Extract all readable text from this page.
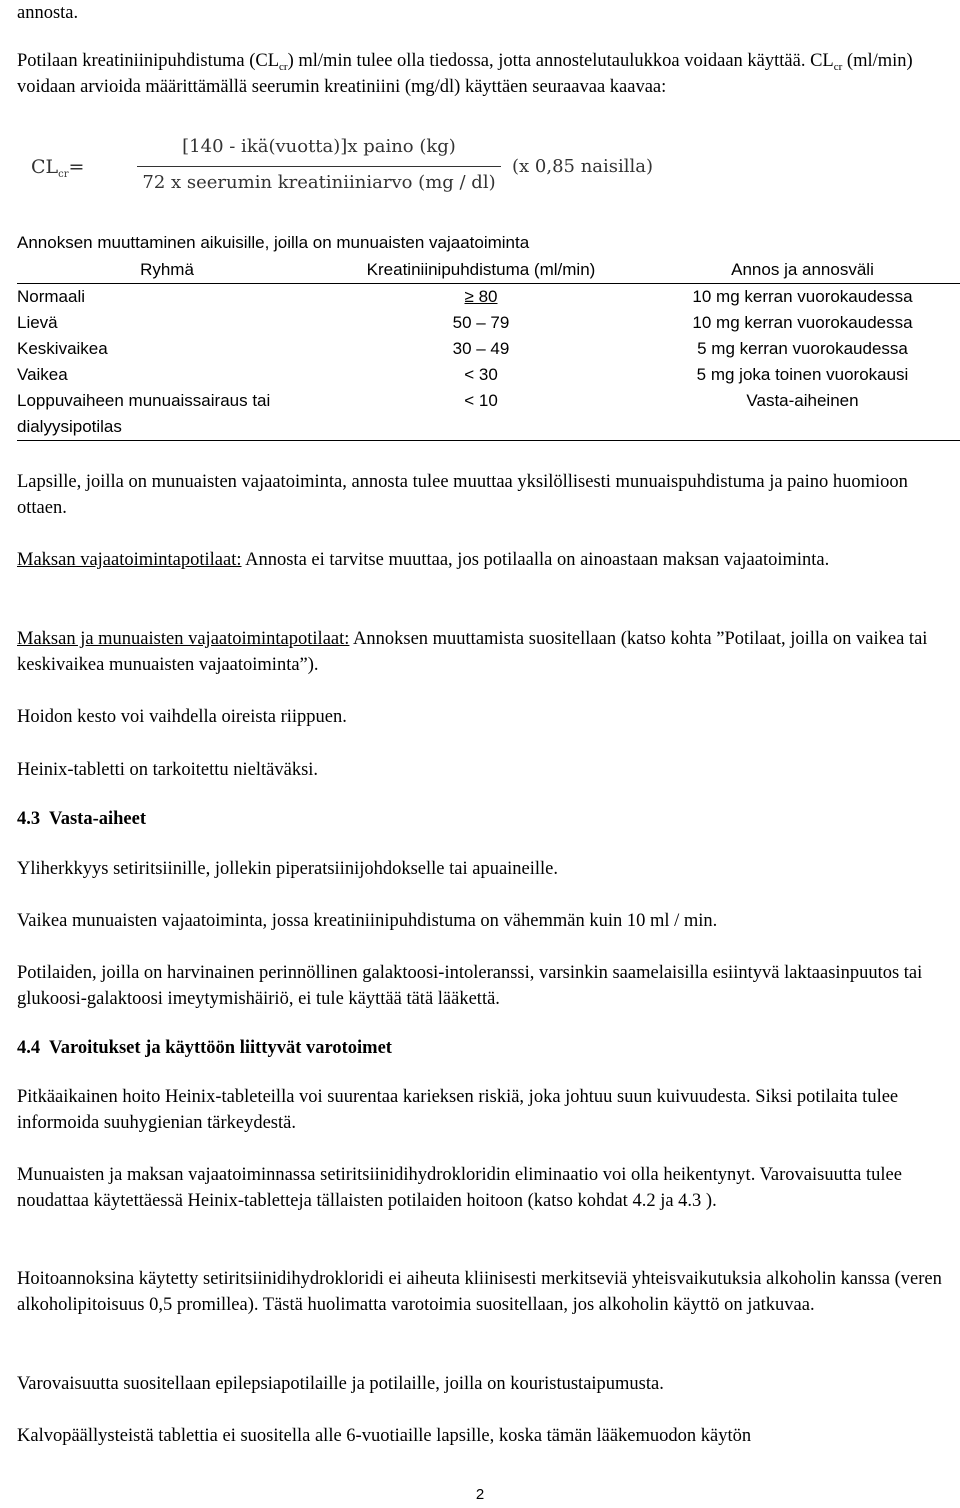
annosta.

Potilaan kreatiniinipuhdistuma $(CL_{cr})$ ml/min tulee olla tiedossa, jotta annostelutaulukkoa voidaan käyttää. $CL_{cr}$ (ml/min) voidaan arvioida määrittämällä seerumin kreatiniini (mg/dl) käyttäen seuraavaa kaavaa:

$CL_{cr}=$
[140 - ikä(vuotta)]x paino (kg)
72 x seerumin kreatiniiniarvo (mg / dl)
(x 0,85 naisilla)

Annoksen muuttaminen aikuisille, joilla on munuaisten vajaatoiminta

Ryhmä	Kreatiniinipuhdistuma (ml/min)	Annos ja annosväli
Normaali	≥ 80	10 mg kerran vuorokaudessa
Lievä	50 – 79	10 mg kerran vuorokaudessa
Keskivaikea	30 – 49	5 mg kerran vuorokaudessa
Vaikea	< 30	5 mg joka toinen vuorokausi
Loppuvaiheen munuaissairaus tai dialyysipotilas	< 10	Vasta-aiheinen

Lapsille, joilla on munuaisten vajaatoiminta, annosta tulee muuttaa yksilöllisesti munuaispuhdistuma ja paino huomioon ottaen.

Maksan vajaatoimintapotilaat: Annosta ei tarvitse muuttaa, jos potilaalla on ainoastaan maksan vajaatoiminta.

Maksan ja munuaisten vajaatoimintapotilaat: Annoksen muuttamista suositellaan (katso kohta ”Potilaat, joilla on vaikea tai keskivaikea munuaisten vajaatoiminta”).

Hoidon kesto voi vaihdella oireista riippuen.

Heinix-tabletti on tarkoitettu nieltäväksi.

4.3  Vasta-aiheet

Yliherkkyys setiritsiinille, jollekin piperatsiinijohdokselle tai apuaineille.

Vaikea munuaisten vajaatoiminta, jossa kreatiniinipuhdistuma on vähemmän kuin 10 ml / min.

Potilaiden, joilla on harvinainen perinnöllinen galaktoosi-intoleranssi, varsinkin saamelaisilla esiintyvä laktaasinpuutos tai glukoosi-galaktoosi imeytymishäiriö, ei tule käyttää tätä lääkettä.

4.4  Varoitukset ja käyttöön liittyvät varotoimet

Pitkäaikainen hoito Heinix-tableteilla voi suurentaa karieksen riskiä, joka johtuu suun kuivuudesta. Siksi potilaita tulee informoida suuhygienian tärkeydestä.

Munuaisten ja maksan vajaatoiminnassa setiritsiinidihydrokloridin eliminaatio voi olla heikentynyt. Varovaisuutta tulee noudattaa käytettäessä Heinix-tabletteja tällaisten potilaiden hoitoon (katso kohdat 4.2 ja 4.3 ).

Hoitoannoksina käytetty setiritsiinidihydrokloridi ei aiheuta kliinisesti merkitseviä yhteisvaikutuksia alkoholin kanssa (veren alkoholipitoisuus 0,5 promillea). Tästä huolimatta varotoimia suositellaan, jos alkoholin käyttö on jatkuvaa.

Varovaisuutta suositellaan epilepsiapotilaille ja potilaille, joilla on kouristustaipumusta.

Kalvopäällysteistä tablettia ei suositella alle 6-vuotiaille lapsille, koska tämän lääkemuodon käytön

2
